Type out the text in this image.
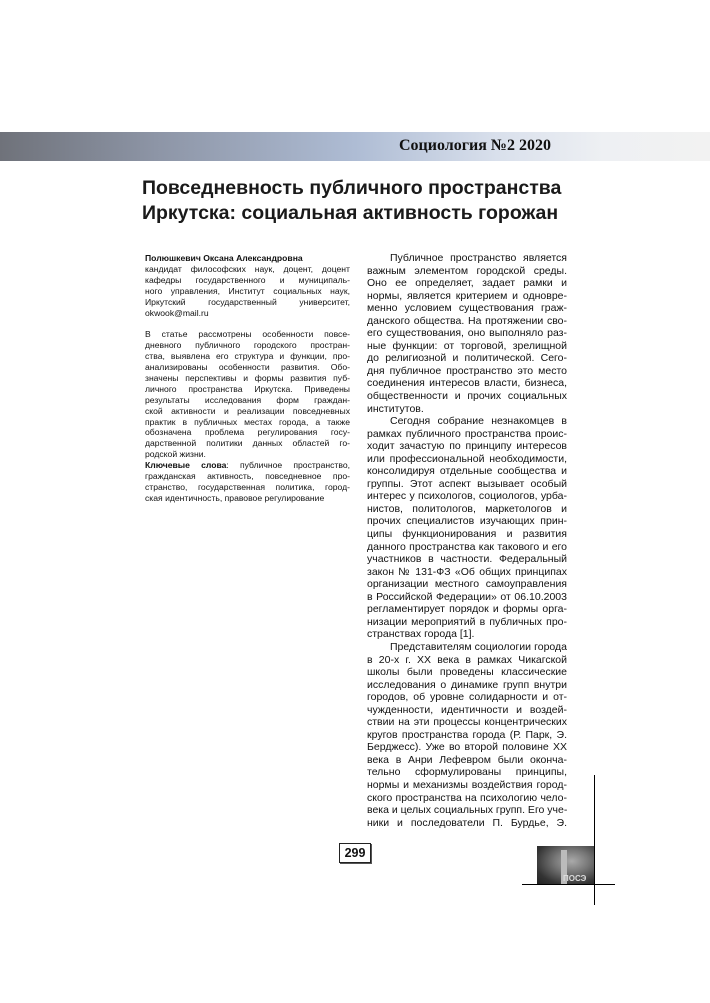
Социология №2 2020
Повседневность публичного пространства
Иркутска: социальная активность горожан
Полюшкевич Оксана Александровна
кандидат философских наук, доцент, доцент
кафедры государственного и муниципаль-
ного управления, Институт социальных наук,
Иркутский государственный университет,
okwook@mail.ru
В статье рассмотрены особенности повсе-
дневного публичного городского простран-
ства, выявлена его структура и функции, про-
анализированы особенности развития. Обо-
значены перспективы и формы развития пуб-
личного пространства Иркутска. Приведены
результаты исследования форм граждан-
ской активности и реализации повседневных
практик в публичных местах города, а также
обозначена проблема регулирования госу-
дарственной политики данных областей го-
родской жизни.
Ключевые слова: публичное пространство,
гражданская активность, повседневное про-
странство, государственная политика, город-
ская идентичность, правовое регулирование
Публичное пространство является
важным элементом городской среды.
Оно ее определяет, задает рамки и
нормы, является критерием и одновре-
менно условием существования граж-
данского общества. На протяжении сво-
его существования, оно выполняло раз-
ные функции: от торговой, зрелищной
до религиозной и политической. Сего-
дня публичное пространство это место
соединения интересов власти, бизнеса,
общественности и прочих социальных
институтов.
Сегодня собрание незнакомцев в
рамках публичного пространства проис-
ходит зачастую по принципу интересов
или профессиональной необходимости,
консолидируя отдельные сообщества и
группы. Этот аспект вызывает особый
интерес у психологов, социологов, урба-
нистов, политологов, маркетологов и
прочих специалистов изучающих прин-
ципы функционирования и развития
данного пространства как такового и его
участников в частности. Федеральный
закон № 131-ФЗ «Об общих принципах
организации местного самоуправления
в Российской Федерации» от 06.10.2003
регламентирует порядок и формы орга-
низации мероприятий в публичных про-
странствах города [1].
Представителям социологии города
в 20-х г. XX века в рамках Чикагской
школы были проведены классические
исследования о динамике групп внутри
городов, об уровне солидарности и от-
чужденности, идентичности и воздей-
ствии на эти процессы концентрических
кругов пространства города (Р. Парк, Э.
Берджесс). Уже во второй половине XX
века в Анри Лефевром были оконча-
тельно сформулированы принципы,
нормы и механизмы воздействия город-
ского пространства на психологию чело-
века и целых социальных групп. Его уче-
ники и последователи П. Бурдье, Э.
299
ПОСЭ
